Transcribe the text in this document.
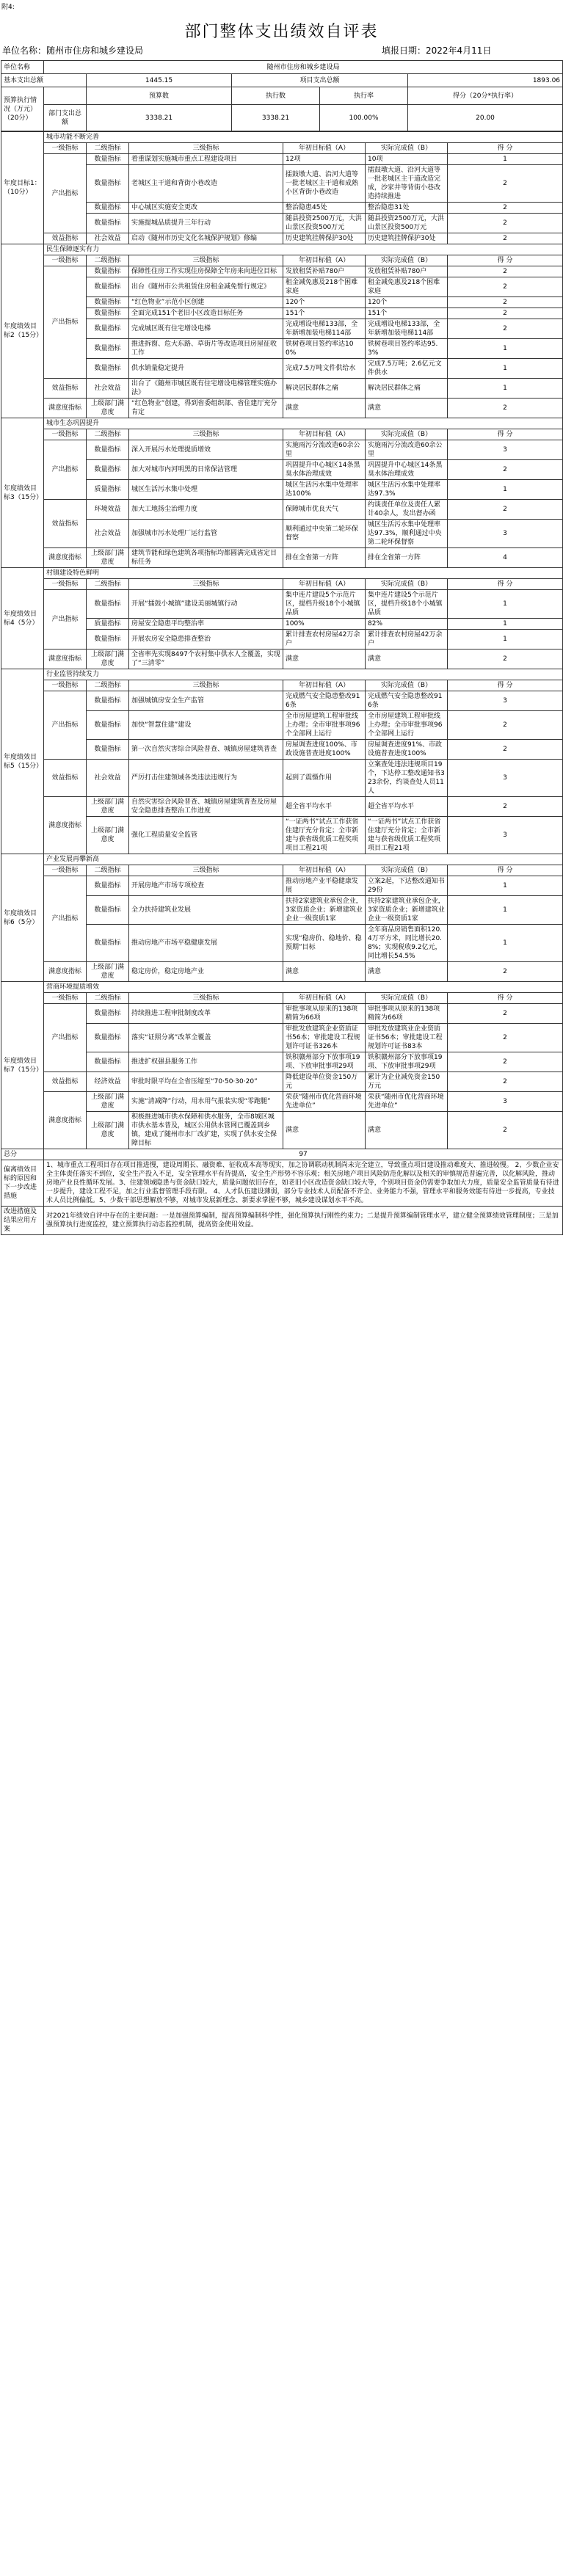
附4:
部门整体支出绩效自评表
单位名称：随州市住房和城乡建设局	填报日期：2022年4月11日
单位名称	随州市住房和城乡建设局				
基本支出总额		1445.15	项目支出总额		1893.06
预算执行情况（万元）（20分）		预算数	执行数	执行率	得分（20分*执行率）
	部门支出总额	3338.21	3338.21	100.00%	20.00
年度目标1：（10分）	城市功能不断完善					
	一级指标	二级指标	三级指标	年初目标值（A）	实际完成值（B）	得 分
	产出指标	数量指标	着重谋划实施城市重点工程建设项目	12项	10项	1
		数量指标	老城区主干道和背街小巷改造	擂鼓墩大道、沿河大道等一批老城区主干道和成熟小区背街小巷改造	擂鼓墩大道、沿河大道等一批老城区主干道改造完成，沙家井等背街小巷改造持续推进	2
		数量指标	中心城区实施安全更改	整治隐患45处	整治隐患31处	2
		数量指标	实施提城品质提升三年行动	随县投资2500万元，大洪山景区投资500万元	随县投资2500万元，大洪山景区投资500万元	2
	效益指标	社会效益	启动《随州市历史文化名城保护规划》修编	历史建筑挂牌保护30处	历史建筑挂牌保护30处	2
年度绩效目标2（15分）	民生保障逐实有力					
	一级指标	二级指标	三级指标	年初目标值（A）	实际完成值（B）	得 分
	产出指标	数量指标	保障性住房工作实现住房保障全年房来向进位目标	发放租赁补贴780户	发放租赁补贴780户	2
		数量指标	出台《随州市公共租赁住房租金减免暂行规定》	租金减免惠及218个困难家庭	租金减免惠及218个困难家庭	2
		数量指标	“红色物业”示范小区创建	120个	120个	2
		数量指标	全面完成151个老旧小区改造目标任务	151个	151个	2
		数量指标	完成城区既有住宅增设电梯	完成增设电梯133部，全年新增加装电梯114部	完成增设电梯133部，全年新增加装电梯114部	2
		数量指标	推进拆窗、危大东路、草街片等改造项目房屋征收工作	铁树巷项目签约率达100%	铁树巷项目签约率达95.3%	1
		数量指标	供水销量稳定提升	完成7.5万吨文件供给水	完成7.5万吨；2.6亿元文件供水	1
	效益指标	社会效益	出台了《随州市城区既有住宅增设电梯管理实施办法》	解决居民群体之痛	解决居民群体之痛	1
	满意度指标	上级部门满意度	“红色物业”创建，得到省委组织部、省住建厅充分肯定	满意	满意	2
年度绩效目标3（15分）	城市生态巩固提升					
	一级指标	二级指标	三级指标	年初目标值（A）	实际完成值（B）	得 分
	产出指标	数量指标	深入开展污水处理提质增效	实施雨污分流改造60余公里	实施雨污分流改造60余公里	3
		数量指标	加大对城市内河明黑的日常保洁管理	巩固提升中心城区14条黑臭水体治理成效	巩固提升中心城区14条黑臭水体治理成效	2
		质量指标	城区生活污水集中处理	城区生活污水集中处理率达100%	城区生活污水集中处理率达97.3%	1
	效益指标	环境效益	加大工地扬尘治理力度	保障城市优良天气	约谈责任单位及责任人累计40余人，发出督办函	2
		社会效益	加强城市污水处理厂运行监管	顺利通过中央第二轮环保督察	城区生活污水集中处理率达97.3%，顺利通过中央第二轮环保督察	3
	满意度指标	上级部门满意度	建筑节能和绿色建筑各项指标均都圆满完成省定目标任务	排在全省第一方阵	排在全省第一方阵	4
年度绩效目标4（5分）	村镇建设特色鲜明					
	一级指标	二级指标	三级指标	年初目标值（A）	实际完成值（B）	得 分
	产出指标	数量指标	开展“擂鼓小城镇”建设美丽城镇行动	集中连片建设5个示范片区，提档升级18个小城镇品质	集中连片建设5个示范片区，提档升级18个小城镇品质	1
		质量指标	房屋安全隐患平均整治率	100%	82%	1
		数量指标	开展农房安全隐患排查整治	累计排查农村房屋42万余户	累计排查农村房屋42万余户	1
	满意度指标	上级部门满意度	全省率先实现8497个农村集中供水人全覆盖，实现了“三清零”	满意	满意	2
年度绩效目标5（15分）	行业监管持续发力					
	一级指标	二级指标	三级指标	年初目标值（A）	实际完成值（B）	得 分
	产出指标	数量指标	加强城镇房安全生产监管	完成燃气安全隐患整改916条	完成燃气安全隐患整改916条	3
		数量指标	加快“智慧住建”建设	全市房屋建筑工程审批线上办理；全市审批事项96个全部网上运行	全市房屋建筑工程审批线上办理；全市审批事项96个全部网上运行	2
		数量指标	第一次自然灾害综合风险普查、城镇房屋建筑普查	房屋调查进度100%、市政设施普查进度100%	房屋调查进度91%、市政设施普查进度100%	2
	效益指标	社会效益	严厉打击住建领域各类违法违规行为	起到了震慑作用	立案查处违法违规项目19个，下达停工整改通知书323余份，约谈查处人员11人	3
	满意度指标	上级部门满意度	自然灾害综合风险普查、城镇房屋建筑普查及房屋安全隐患排查整治工作进度	超全省平均水平	超全省平均水平	2
		上级部门满意度	强化工程质量安全监管	“一证两书”试点工作获省住建厅充分肯定；全市新建与获省级优质工程奖项项目工程21项	“一证两书”试点工作获省住建厅充分肯定；全市新建与获省级优质工程奖项项目工程21项	3
年度绩效目标6（5分）	产业发展再攀新高					
	一级指标	二级指标	三级指标	年初目标值（A）	实际完成值（B）	得 分
	产出指标	数量指标	开展房地产市场专项检查	推动房地产业平稳健康发展	立案2起，下达整改通知书29份	1
		数量指标	全力扶持建筑业发展	扶持2家建筑业承包企业，3家资质企业；新增建筑业企业一级资质1家	扶持2家建筑业承包企业，3家资质企业；新增建筑业企业一级资质1家	1
		数量指标	推动房地产市场平稳健康发展	实现“稳房价、稳地价、稳预期”目标	全年商品房销售面积120.4万平方米，同比增长20.8%；实现税收9.2亿元，同比增长54.5%	1
	满意度指标	上级部门满意度	稳定房价，稳定房地产业	满意	满意	2
年度绩效目标7（15分）	营商环境提质增效					
	一级指标	二级指标	三级指标	年初目标值（A）	实际完成值（B）	得 分
	产出指标	数量指标	持续推进工程审批制度改革	审批事项从原来的138项精简为66项	审批事项从原来的138项精简为66项	2
		数量指标	落实“证照分离”改革全覆盖	审批发放建筑企业资质证书56本；审批建设工程规划许可证书326本	审批发放建筑业企业资质证书56本；审批建设工程规划许可证书83本	2
		数量指标	推进扩权强县服务工作	铁积赣州部分下放事项19项、下放审批事项29项	铁积赣州部分下放事项19项、下放审批事项29项	2
	效益指标	经济效益	审批时限平均在全省压缩至“70·50·30·20”	降低建设单位资金150万元	累计为企业减免资金150万元	2
	满意度指标	上级部门满意度	实施“清减降”行动，用水用气报装实现“零跑腿”	荣获“随州市优化营商环境先进单位”	荣获“随州市优化营商环境先进单位”	3
		上级部门满意度	积极推进城市供水保障和供水服务，全市8城区城市供水基本普及，城区公用供水管网已覆盖到乡镇，建成了随州市水厂改扩建，实现了供水安全保障目标	满意	满意	2
总分	97					
偏离绩效目标的原因和下一步改进措施	1、城市重点工程项目存在项目推进慢，建设周期长、融资难、征收成本高等现实，加之协调联动机制尚未完全建立，导致重点项目建设推动难度大、推进较慢。 2、少数企业安全主体责任落实不到位，安全生产投入不足，安全管理水平有待提高，安全生产形势不容乐观；相关房地产项目风险防范化解以及相关的审慎规范普遍完善，以化解风险，推动房地产业良性循环发展。3、住建领域隐患与资金缺口较大，质量问题依旧存在，如老旧小区改造资金缺口较大等，个别项目资金仍需要争取加大力度，质量安全监管质量有待进一步提升，建设工程不足，加之行业监督管理手段有限。 4、人才队伍建设薄弱，部分专业技术人员配备不齐全、业务能力不强，管理水平和服务效能有待进一步提高，专业技术人员比例偏低。5、少数干部思想解放不够，对城市发展新理念、新要求掌握不够，城乡建设谋划水平不高。					
改进措施及结果应用方案	对2021年绩效自评中存在的主要问题：一是加强预算编制，提高预算编制科学性，强化预算执行刚性约束力；二是提升预算编制管理水平，建立健全预算绩效管理制度；三是加强预算执行进度监控，建立预算执行动态监控机制，提高资金使用效益。					
